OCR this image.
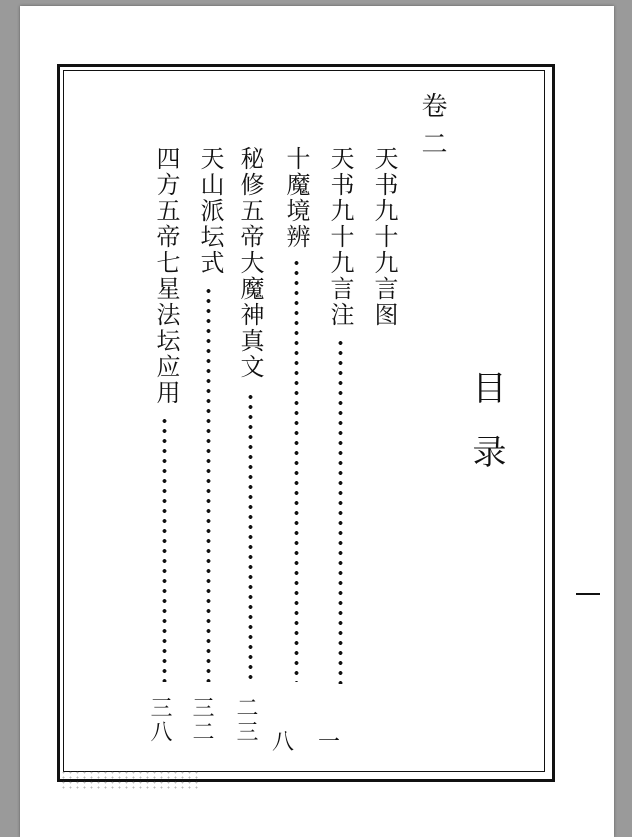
目录
卷二
天书九十九言图
一
天书九十九言注
十魔境辨
八
秘修五帝大魔神真文
二三
天山派坛式
三二
四方五帝七星法坛应用
三八
